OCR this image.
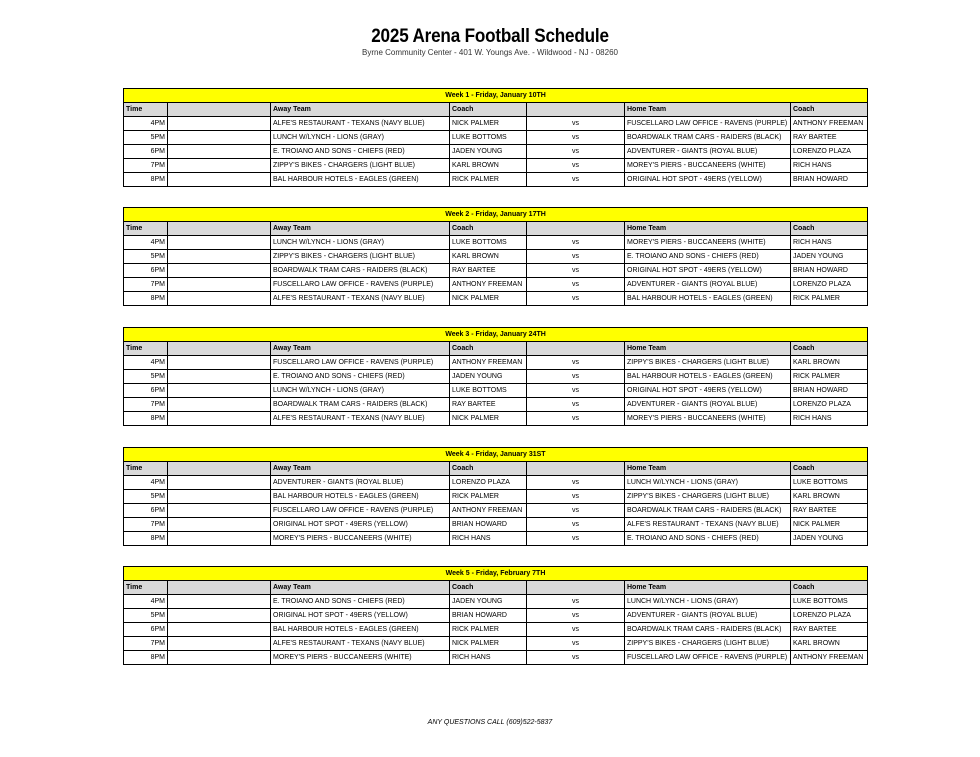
2025 Arena Football Schedule
Byrne Community Center - 401 W. Youngs Ave. - Wildwood - NJ - 08260
Week 1 - Friday, January 10TH						
Time		Away Team	Coach		Home Team	Coach
4PM		ALFE'S RESTAURANT - TEXANS (NAVY BLUE)	NICK PALMER	vs	FUSCELLARO LAW OFFICE - RAVENS (PURPLE)	ANTHONY FREEMAN
5PM		LUNCH W/LYNCH - LIONS (GRAY)	LUKE BOTTOMS	vs	BOARDWALK TRAM CARS - RAIDERS (BLACK)	RAY BARTEE
6PM		E. TROIANO AND SONS - CHIEFS (RED)	JADEN YOUNG	vs	ADVENTURER - GIANTS (ROYAL BLUE)	LORENZO PLAZA
7PM		ZIPPY'S BIKES - CHARGERS (LIGHT BLUE)	KARL BROWN	vs	MOREY'S PIERS - BUCCANEERS (WHITE)	RICH HANS
8PM		BAL HARBOUR HOTELS - EAGLES (GREEN)	RICK PALMER	vs	ORIGINAL HOT SPOT - 49ERS (YELLOW)	BRIAN HOWARD
Week 2 - Friday, January 17TH						
Time		Away Team	Coach		Home Team	Coach
4PM		LUNCH W/LYNCH - LIONS (GRAY)	LUKE BOTTOMS	vs	MOREY'S PIERS - BUCCANEERS (WHITE)	RICH HANS
5PM		ZIPPY'S BIKES - CHARGERS (LIGHT BLUE)	KARL BROWN	vs	E. TROIANO AND SONS - CHIEFS (RED)	JADEN YOUNG
6PM		BOARDWALK TRAM CARS - RAIDERS (BLACK)	RAY BARTEE	vs	ORIGINAL HOT SPOT - 49ERS (YELLOW)	BRIAN HOWARD
7PM		FUSCELLARO LAW OFFICE - RAVENS (PURPLE)	ANTHONY FREEMAN	vs	ADVENTURER - GIANTS (ROYAL BLUE)	LORENZO PLAZA
8PM		ALFE'S RESTAURANT - TEXANS (NAVY BLUE)	NICK PALMER	vs	BAL HARBOUR HOTELS - EAGLES (GREEN)	RICK PALMER
Week 3 - Friday, January 24TH						
Time		Away Team	Coach		Home Team	Coach
4PM		FUSCELLARO LAW OFFICE - RAVENS (PURPLE)	ANTHONY FREEMAN	vs	ZIPPY'S BIKES - CHARGERS (LIGHT BLUE)	KARL BROWN
5PM		E. TROIANO AND SONS - CHIEFS (RED)	JADEN YOUNG	vs	BAL HARBOUR HOTELS - EAGLES (GREEN)	RICK PALMER
6PM		LUNCH W/LYNCH - LIONS (GRAY)	LUKE BOTTOMS	vs	ORIGINAL HOT SPOT - 49ERS (YELLOW)	BRIAN HOWARD
7PM		BOARDWALK TRAM CARS - RAIDERS (BLACK)	RAY BARTEE	vs	ADVENTURER - GIANTS (ROYAL BLUE)	LORENZO PLAZA
8PM		ALFE'S RESTAURANT - TEXANS (NAVY BLUE)	NICK PALMER	vs	MOREY'S PIERS - BUCCANEERS (WHITE)	RICH HANS
Week 4 - Friday, January 31ST						
Time		Away Team	Coach		Home Team	Coach
4PM		ADVENTURER - GIANTS (ROYAL BLUE)	LORENZO PLAZA	vs	LUNCH W/LYNCH - LIONS (GRAY)	LUKE BOTTOMS
5PM		BAL HARBOUR HOTELS - EAGLES (GREEN)	RICK PALMER	vs	ZIPPY'S BIKES - CHARGERS (LIGHT BLUE)	KARL BROWN
6PM		FUSCELLARO LAW OFFICE - RAVENS (PURPLE)	ANTHONY FREEMAN	vs	BOARDWALK TRAM CARS - RAIDERS (BLACK)	RAY BARTEE
7PM		ORIGINAL HOT SPOT - 49ERS (YELLOW)	BRIAN HOWARD	vs	ALFE'S RESTAURANT - TEXANS (NAVY BLUE)	NICK PALMER
8PM		MOREY'S PIERS - BUCCANEERS (WHITE)	RICH HANS	vs	E. TROIANO AND SONS - CHIEFS (RED)	JADEN YOUNG
Week 5 - Friday, February 7TH						
Time		Away Team	Coach		Home Team	Coach
4PM		E. TROIANO AND SONS - CHIEFS (RED)	JADEN YOUNG	vs	LUNCH W/LYNCH - LIONS (GRAY)	LUKE BOTTOMS
5PM		ORIGINAL HOT SPOT - 49ERS (YELLOW)	BRIAN HOWARD	vs	ADVENTURER - GIANTS (ROYAL BLUE)	LORENZO PLAZA
6PM		BAL HARBOUR HOTELS - EAGLES (GREEN)	RICK PALMER	vs	BOARDWALK TRAM CARS - RAIDERS (BLACK)	RAY BARTEE
7PM		ALFE'S RESTAURANT - TEXANS (NAVY BLUE)	NICK PALMER	vs	ZIPPY'S BIKES - CHARGERS (LIGHT BLUE)	KARL BROWN
8PM		MOREY'S PIERS - BUCCANEERS (WHITE)	RICH HANS	vs	FUSCELLARO LAW OFFICE - RAVENS (PURPLE)	ANTHONY FREEMAN
ANY QUESTIONS CALL (609)522-5837
